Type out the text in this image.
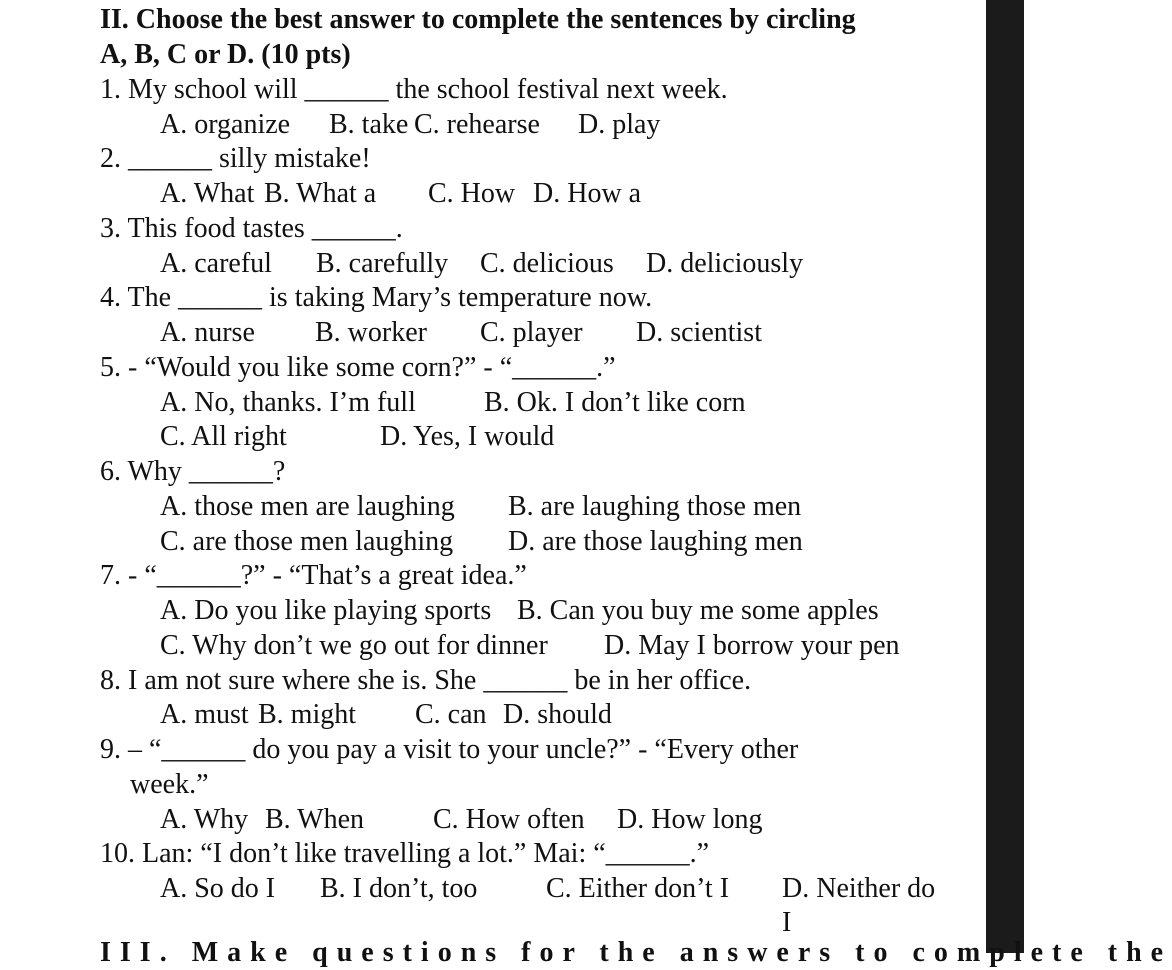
II. Choose the best answer to complete the sentences by circling
A, B, C or D. (10 pts)
1. My school will ______ the school festival next week.
A. organize B. take C. rehearse D. play
2. ______ silly mistake!
A. What B. What a C. How D. How a
3. This food tastes ______.
A. careful B. carefully C. delicious D. deliciously
4. The ______ is taking Mary’s temperature now.
A. nurse B. worker C. player D. scientist
5. - “Would you like some corn?” - “______.”
A. No, thanks. I’m full B. Ok. I don’t like corn
C. All right	D. Yes, I would
6. Why ______?
A. those men are laughing B. are laughing those men
C. are those men laughing D. are those laughing men
7. - “______?” - “That’s a great idea.”
A. Do you like playing sports B. Can you buy me some apples
C. Why don’t we go out for dinner D. May I borrow your pen
8. I am not sure where she is. She ______ be in her office.
A. must B. might C. can D. should
9. – “______ do you pay a visit to your uncle?” - “Every other
week.”
A. Why B. When C. How often D. How long
10. Lan: “I don’t like travelling a lot.” Mai: “______.”
A. So do I B. I don’t, too C. Either don’t I D. Neither do I
III. Make questions for the answers to complete the
